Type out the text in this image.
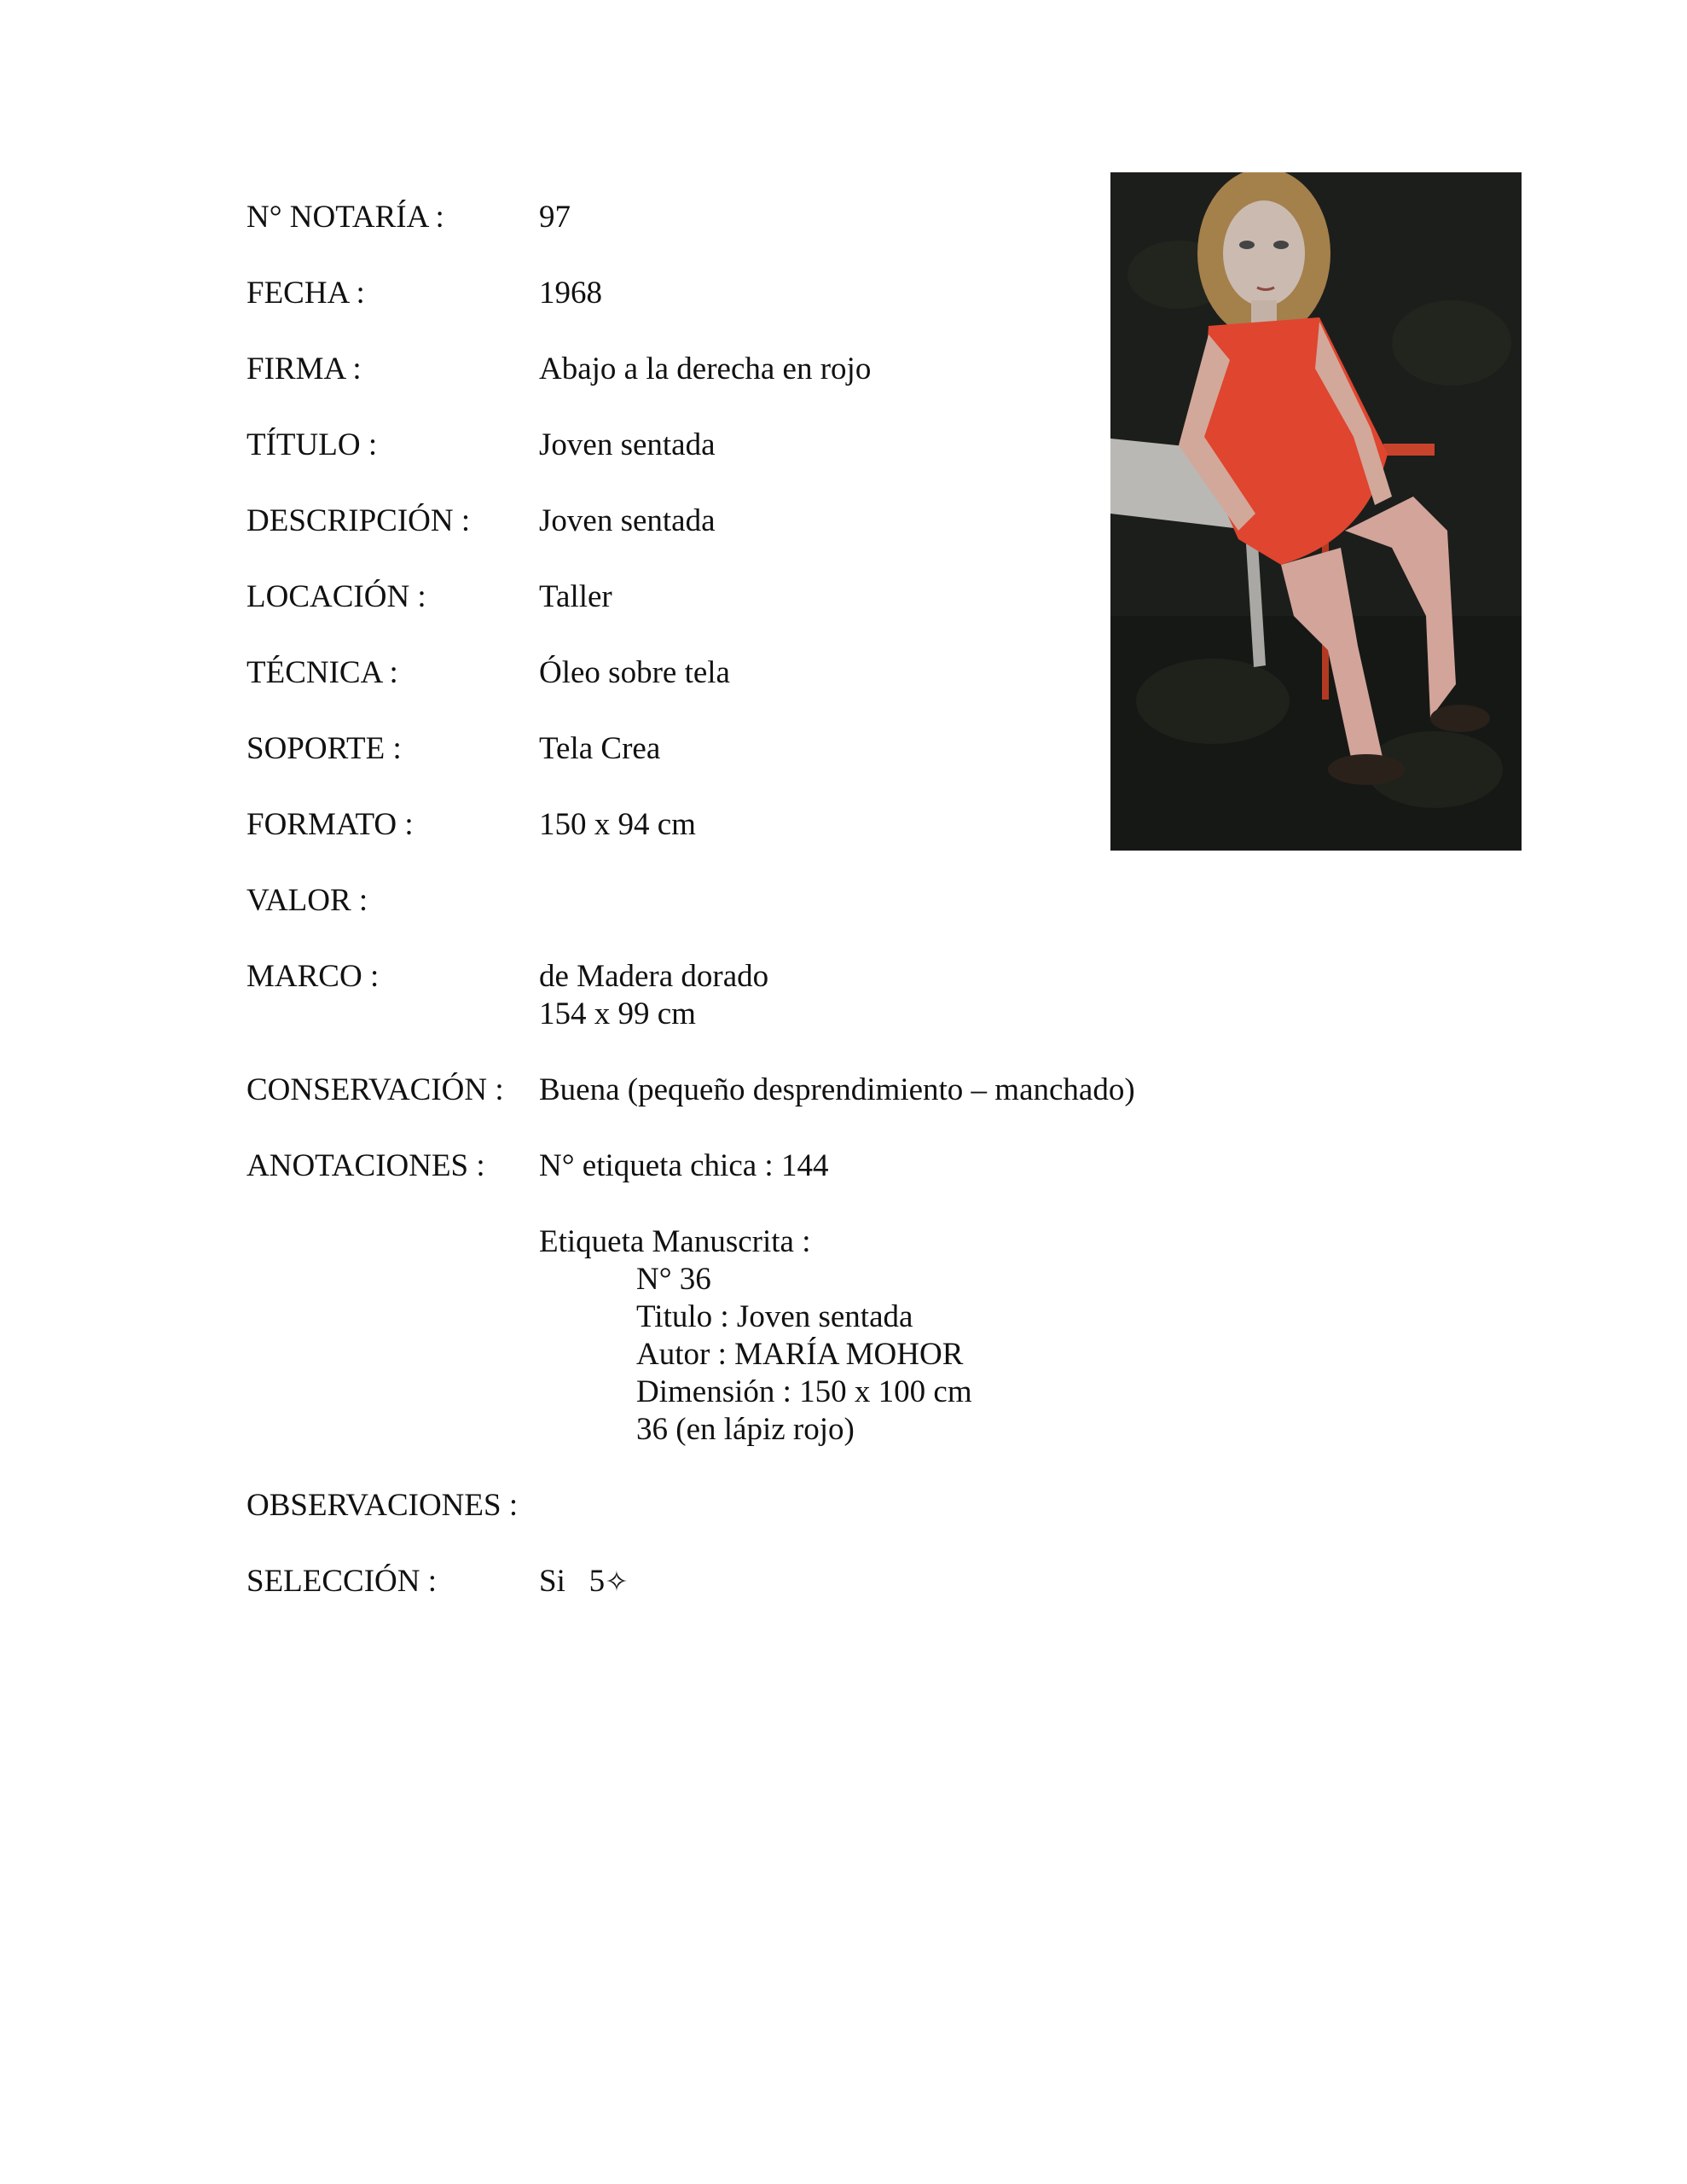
N° NOTARÍA :	97
FECHA :	1968
FIRMA :	Abajo a la derecha en rojo
TÍTULO :	Joven sentada
DESCRIPCIÓN : Joven sentada
LOCACIÓN :	Taller
TÉCNICA :	Óleo sobre tela
SOPORTE :	Tela Crea
FORMATO :	150 x 94 cm
VALOR :
MARCO :	de Madera dorado
154 x 99 cm
CONSERVACIÓN : Buena (pequeño desprendimiento – manchado)
ANOTACIONES : N° etiqueta chica : 144
Etiqueta Manuscrita :
N° 36
Titulo : Joven sentada
Autor : MARÍA MOHOR
Dimensión : 150 x 100 cm
36 (en lápiz rojo)
OBSERVACIONES :
SELECCIÓN :	Si   5✧
